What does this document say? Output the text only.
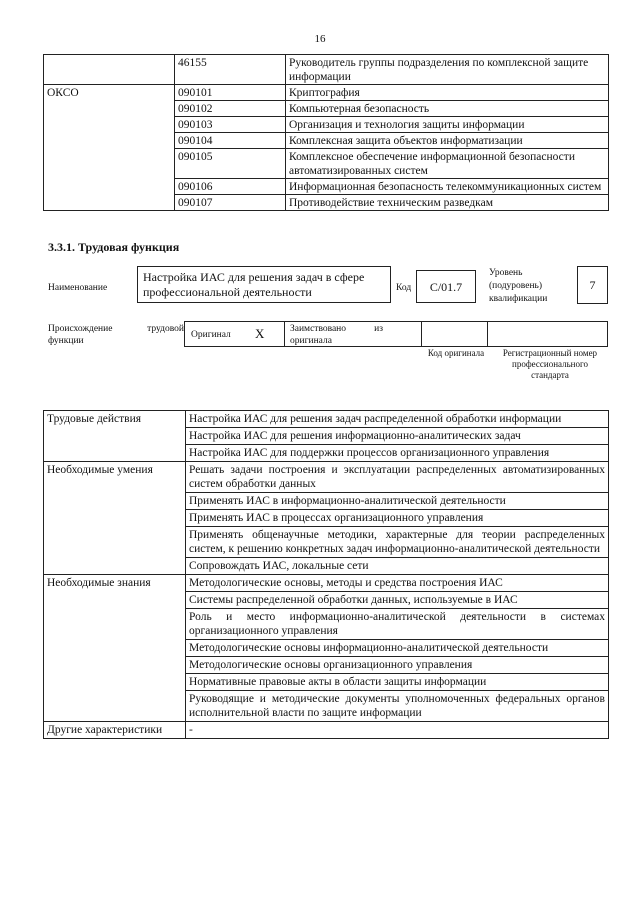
16
	46155	Руководитель группы подразделения по комплексной защите информации
ОКСО	090101	Криптография
	090102	Компьютерная безопасность
	090103	Организация и технология защиты информации
	090104	Комплексная защита объектов информатизации
	090105	Комплексное обеспечение информационной безопасности автоматизированных систем
	090106	Информационная безопасность телекоммуникационных систем
	090107	Противодействие техническим разведкам
3.3.1. Трудовая функция
Наименование
Настройка ИАС для решения задач в сфере профессиональной деятельности	Код	C/01.7
Уровень (подуровень) квалификации
7
Происхождение трудовой функции
Оригинал X	Заимствовано из оригинала
Код оригинала	Регистрационный номер профессионального стандарта
Трудовые действия	Настройка ИАС для решения задач распределенной обработки информации
	Настройка ИАС для решения информационно-аналитических задач
	Настройка ИАС для поддержки процессов организационного управления
Необходимые умения	Решать задачи построения и эксплуатации распределенных автоматизированных систем обработки данных
	Применять ИАС в информационно-аналитической деятельности
	Применять ИАС в процессах организационного управления
	Применять общенаучные методики, характерные для теории распределенных систем, к решению конкретных задач информационно-аналитической деятельности
	Сопровождать ИАС, локальные сети
Необходимые знания	Методологические основы, методы и средства построения ИАС
	Системы распределенной обработки данных, используемые в ИАС
	Роль и место информационно-аналитической деятельности в системах организационного управления
	Методологические основы информационно-аналитической деятельности
	Методологические основы организационного управления
	Нормативные правовые акты в области защиты информации
	Руководящие и методические документы уполномоченных федеральных органов исполнительной власти по защите информации
Другие характеристики	-
